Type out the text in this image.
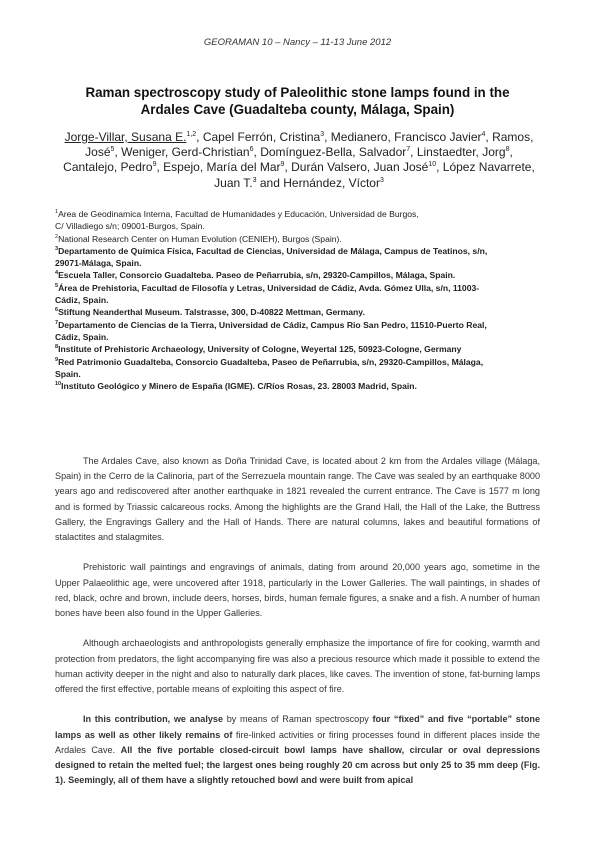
GEORAMAN 10 – Nancy – 11-13 June 2012
Raman spectroscopy study of Paleolithic stone lamps found in the
Ardales Cave (Guadalteba county, Málaga, Spain)
Jorge-Villar, Susana E.$^{1,2}$, Capel Ferrón, Cristina$^3$, Medianero, Francisco Javier$^4$, Ramos, José$^5$, Weniger, Gerd-Christian$^6$, Domínguez-Bella, Salvador$^7$, Linstaedter, Jorg$^8$, Cantalejo, Pedro$^9$, Espejo, María del Mar$^9$, Durán Valsero, Juan José$^{10}$, López Navarrete, Juan T.$^3$ and Hernández, Víctor$^3$
$^1$Area de Geodinamica Interna, Facultad de Humanidades y Educación, Universidad de Burgos,
C/ Villadiego s/n; 09001-Burgos, Spain.
$^2$National Research Center on Human Evolution (CENIEH), Burgos (Spain).
$^3$Departamento de Química Física, Facultad de Ciencias, Universidad de Málaga, Campus de Teatinos, s/n,
29071-Málaga, Spain.
$^4$Escuela Taller, Consorcio Guadalteba. Paseo de Peñarrubia, s/n, 29320-Campillos, Málaga, Spain.
$^5$Área de Prehistoria, Facultad de Filosofía y Letras, Universidad de Cádiz, Avda. Gómez Ulla, s/n, 11003-
Cádiz, Spain.
$^6$Stiftung Neanderthal Museum. Talstrasse, 300, D-40822 Mettman, Germany.
$^7$Departamento de Ciencias de la Tierra, Universidad de Cádiz, Campus Rio San Pedro, 11510-Puerto Real,
Cádiz, Spain.
$^8$Institute of Prehistoric Archaeology, University of Cologne, Weyertal 125, 50923-Cologne, Germany
$^9$Red Patrimonio Guadalteba, Consorcio Guadalteba, Paseo de Peñarrubia, s/n, 29320-Campillos, Málaga,
Spain.
$^{10}$Instituto Geológico y Minero de España (IGME). C/Ríos Rosas, 23. 28003 Madrid, Spain.

The Ardales Cave, also known as Doña Trinidad Cave, is located about 2 km from the Ardales village (Málaga, Spain) in the Cerro de la Calinoria, part of the Serrezuela mountain range. The Cave was sealed by an earthquake 8000 years ago and rediscovered after another earthquake in 1821 revealed the current entrance. The Cave is 1577 m long and is formed by Triassic calcareous rocks. Among the highlights are the Grand Hall, the Hall of the Lake, the Buttress Gallery, the Engravings Gallery and the Hall of Hands. There are natural columns, lakes and beautiful formations of stalactites and stalagmites.

Prehistoric wall paintings and engravings of animals, dating from around 20,000 years ago, sometime in the Upper Palaeolithic age, were uncovered after 1918, particularly in the Lower Galleries. The wall paintings, in shades of red, black, ochre and brown, include deers, horses, birds, human female figures, a snake and a fish. A number of human bones have been also found in the Upper Galleries.

Although archaeologists and anthropologists generally emphasize the importance of fire for cooking, warmth and protection from predators, the light accompanying fire was also a precious resource which made it possible to extend the human activity deeper in the night and also to naturally dark places, like caves. The invention of stone, fat-burning lamps offered the first effective, portable means of exploiting this aspect of fire.

In this contribution, we analyse by means of Raman spectroscopy four “fixed” and five “portable” stone lamps as well as other likely remains of fire-linked activities or firing processes found in different places inside the Ardales Cave. All the five portable closed-circuit bowl lamps have shallow, circular or oval depressions designed to retain the melted fuel; the largest ones being roughly 20 cm across but only 25 to 35 mm deep (Fig. 1). Seemingly, all of them have a slightly retouched bowl and were built from apical
